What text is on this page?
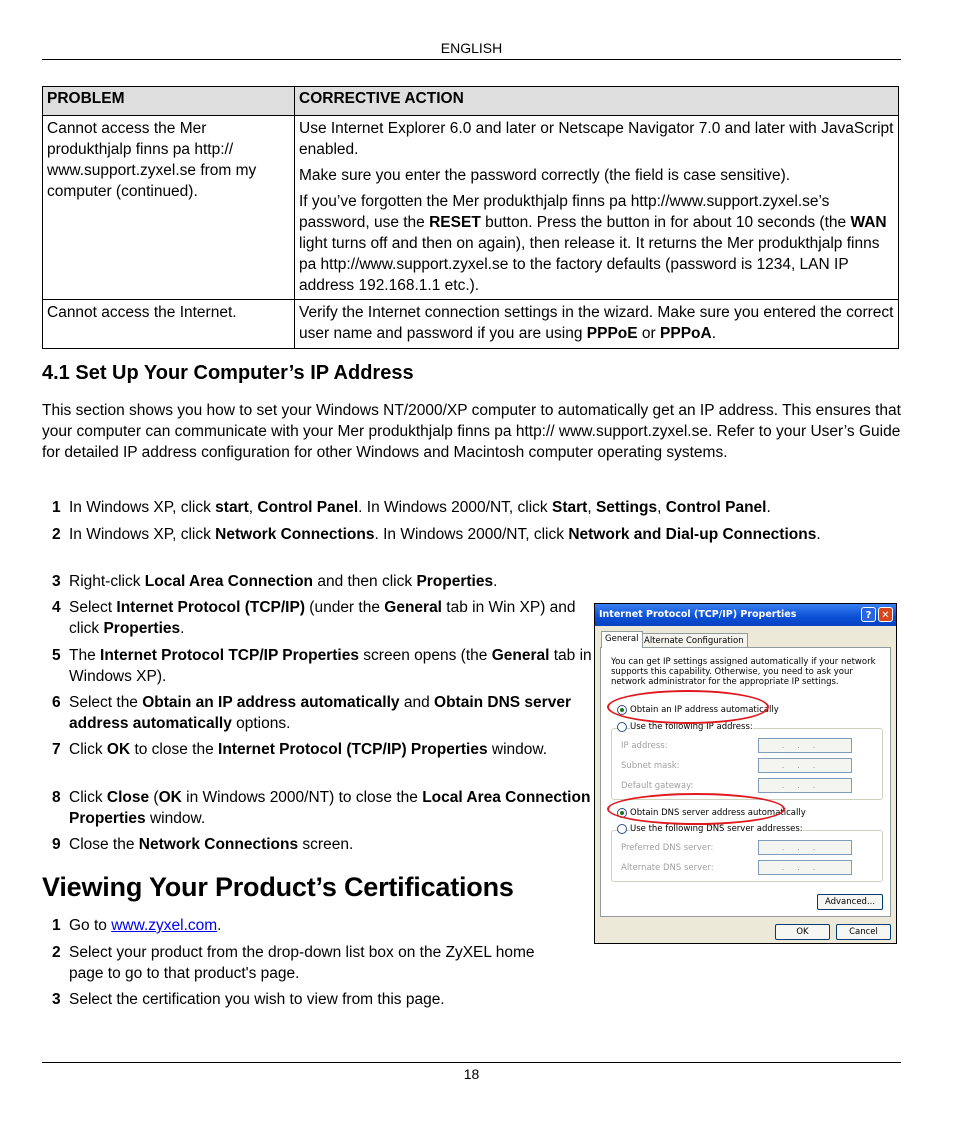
ENGLISH
PROBLEM	CORRECTIVE ACTION
Cannot access the Mer produkthjalp finns pa http:// www.support.zyxel.se from my computer (continued).	Use Internet Explorer 6.0 and later or Netscape Navigator 7.0 and later with JavaScript enabled.

Make sure you enter the password correctly (the field is case sensitive).

If you’ve forgotten the Mer produkthjalp finns pa http://www.support.zyxel.se’s password, use the RESET button. Press the button in for about 10 seconds (the WAN light turns off and then on again), then release it. It returns the Mer produkthjalp finns pa http://www.support.zyxel.se to the factory defaults (password is 1234, LAN IP address 192.168.1.1 etc.).

Cannot access the Internet.	Verify the Internet connection settings in the wizard. Make sure you entered the correct user name and password if you are using PPPoE or PPPoA.
4.1 Set Up Your Computer’s IP Address
This section shows you how to set your Windows NT/2000/XP computer to automatically get an IP address. This ensures that your computer can communicate with your Mer produkthjalp finns pa http:// www.support.zyxel.se. Refer to your User’s Guide for detailed IP address configuration for other Windows and Macintosh computer operating systems.
1 In Windows XP, click start, Control Panel. In Windows 2000/NT, click Start, Settings, Control Panel.
2 In Windows XP, click Network Connections. In Windows 2000/NT, click Network and Dial-up Connections.
3 Right-click Local Area Connection and then click Properties.
4 Select Internet Protocol (TCP/IP) (under the General tab in Win XP) and click Properties.
5 The Internet Protocol TCP/IP Properties screen opens (the General tab in Windows XP).
6 Select the Obtain an IP address automatically and Obtain DNS server address automatically options.
7 Click OK to close the Internet Protocol (TCP/IP) Properties window.
8 Click Close (OK in Windows 2000/NT) to close the Local Area Connection Properties window.
9 Close the Network Connections screen.
Viewing Your Product’s Certifications
1 Go to www.zyxel.com.
2 Select your product from the drop-down list box on the ZyXEL home page to go to that product's page.
3 Select the certification you wish to view from this page.
Internet Protocol (TCP/IP) Properties	? ✕
General Alternate Configuration
You can get IP settings assigned automatically if your network supports this capability. Otherwise, you need to ask your network administrator for the appropriate IP settings.
Obtain an IP address automatically
Use the following IP address:
IP address:	...
Subnet mask:	...
Default gateway:	...
Obtain DNS server address automatically
Use the following DNS server addresses:
Preferred DNS server:	...
Alternate DNS server:	...
Advanced...
OK	Cancel
18
